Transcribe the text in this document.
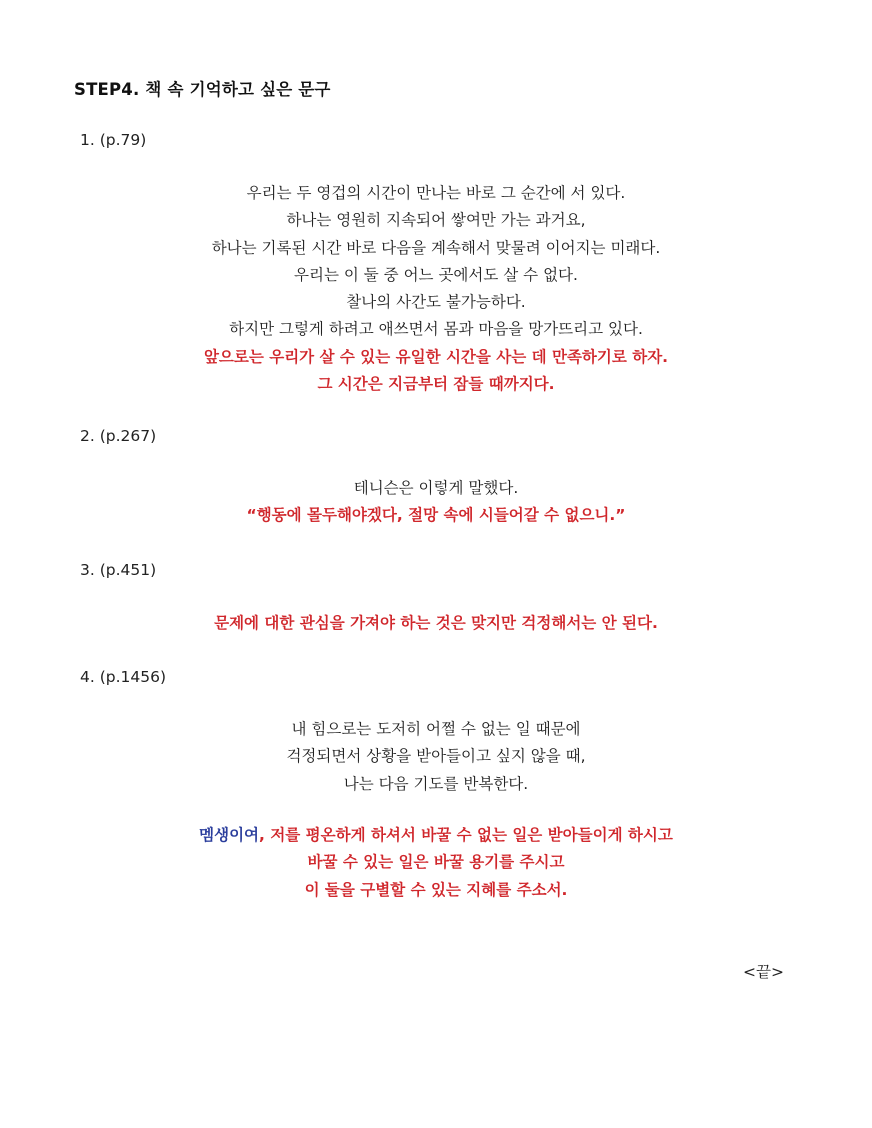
STEP4. 책 속 기억하고 싶은 문구
1. (p.79)
우리는 두 영겁의 시간이 만나는 바로 그 순간에 서 있다.
하나는 영원히 지속되어 쌓여만 가는 과거요,
하나는 기록된 시간 바로 다음을 계속해서 맞물려 이어지는 미래다.
우리는 이 둘 중 어느 곳에서도 살 수 없다.
찰나의 사간도 불가능하다.
하지만 그렇게 하려고 애쓰면서 몸과 마음을 망가뜨리고 있다.
앞으로는 우리가 살 수 있는 유일한 시간을 사는 데 만족하기로 하자.
그 시간은 지금부터 잠들 때까지다.
2. (p.267)
테니슨은 이렇게 말했다.
“행동에 몰두해야겠다, 절망 속에 시들어갈 수 없으니.”
3. (p.451)
문제에 대한 관심을 가져야 하는 것은 맞지만 걱정해서는 안 된다.
4. (p.1456)
내 힘으로는 도저히 어쩔 수 없는 일 때문에
걱정되면서 상황을 받아들이고 싶지 않을 때,
나는 다음 기도를 반복한다.
멤생이여, 저를 평온하게 하셔서 바꿀 수 없는 일은 받아들이게 하시고
바꿀 수 있는 일은 바꿀 용기를 주시고
이 둘을 구별할 수 있는 지혜를 주소서.
<끝>
